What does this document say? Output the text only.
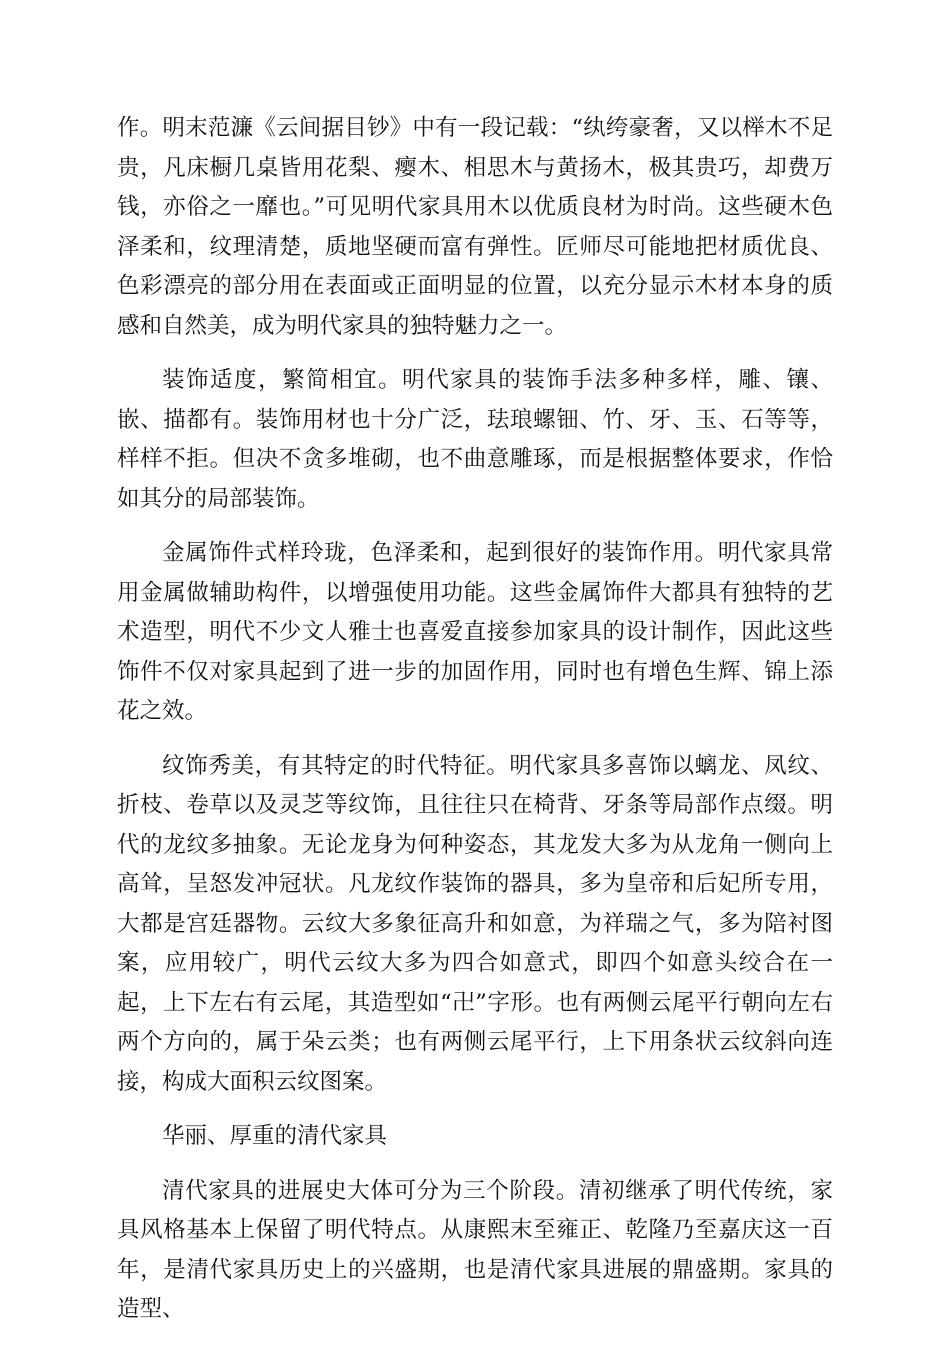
作。明末范濂《云间据目钞》中有一段记载：“纨绔豪奢，又以榉木不足贵，凡床橱几桌皆用花梨、瘿木、相思木与黄扬木，极其贵巧，却费万钱，亦俗之一靡也。”可见明代家具用木以优质良材为时尚。这些硬木色泽柔和，纹理清楚，质地坚硬而富有弹性。匠师尽可能地把材质优良、色彩漂亮的部分用在表面或正面明显的位置，以充分显示木材本身的质感和自然美，成为明代家具的独特魅力之一。

装饰适度，繁简相宜。明代家具的装饰手法多种多样，雕、镶、嵌、描都有。装饰用材也十分广泛，珐琅螺钿、竹、牙、玉、石等等，样样不拒。但决不贪多堆砌，也不曲意雕琢，而是根据整体要求，作恰如其分的局部装饰。

金属饰件式样玲珑，色泽柔和，起到很好的装饰作用。明代家具常用金属做辅助构件，以增强使用功能。这些金属饰件大都具有独特的艺术造型，明代不少文人雅士也喜爱直接参加家具的设计制作，因此这些饰件不仅对家具起到了进一步的加固作用，同时也有增色生辉、锦上添花之效。

纹饰秀美，有其特定的时代特征。明代家具多喜饰以螭龙、凤纹、折枝、卷草以及灵芝等纹饰，且往往只在椅背、牙条等局部作点缀。明代的龙纹多抽象。无论龙身为何种姿态，其龙发大多为从龙角一侧向上高耸，呈怒发冲冠状。凡龙纹作装饰的器具，多为皇帝和后妃所专用，大都是宫廷器物。云纹大多象征高升和如意，为祥瑞之气，多为陪衬图案，应用较广，明代云纹大多为四合如意式，即四个如意头绞合在一起，上下左右有云尾，其造型如“卍”字形。也有两侧云尾平行朝向左右两个方向的，属于朵云类；也有两侧云尾平行，上下用条状云纹斜向连接，构成大面积云纹图案。

华丽、厚重的清代家具

清代家具的进展史大体可分为三个阶段。清初继承了明代传统，家具风格基本上保留了明代特点。从康熙末至雍正、乾隆乃至嘉庆这一百年，是清代家具历史上的兴盛期，也是清代家具进展的鼎盛期。家具的造型、
